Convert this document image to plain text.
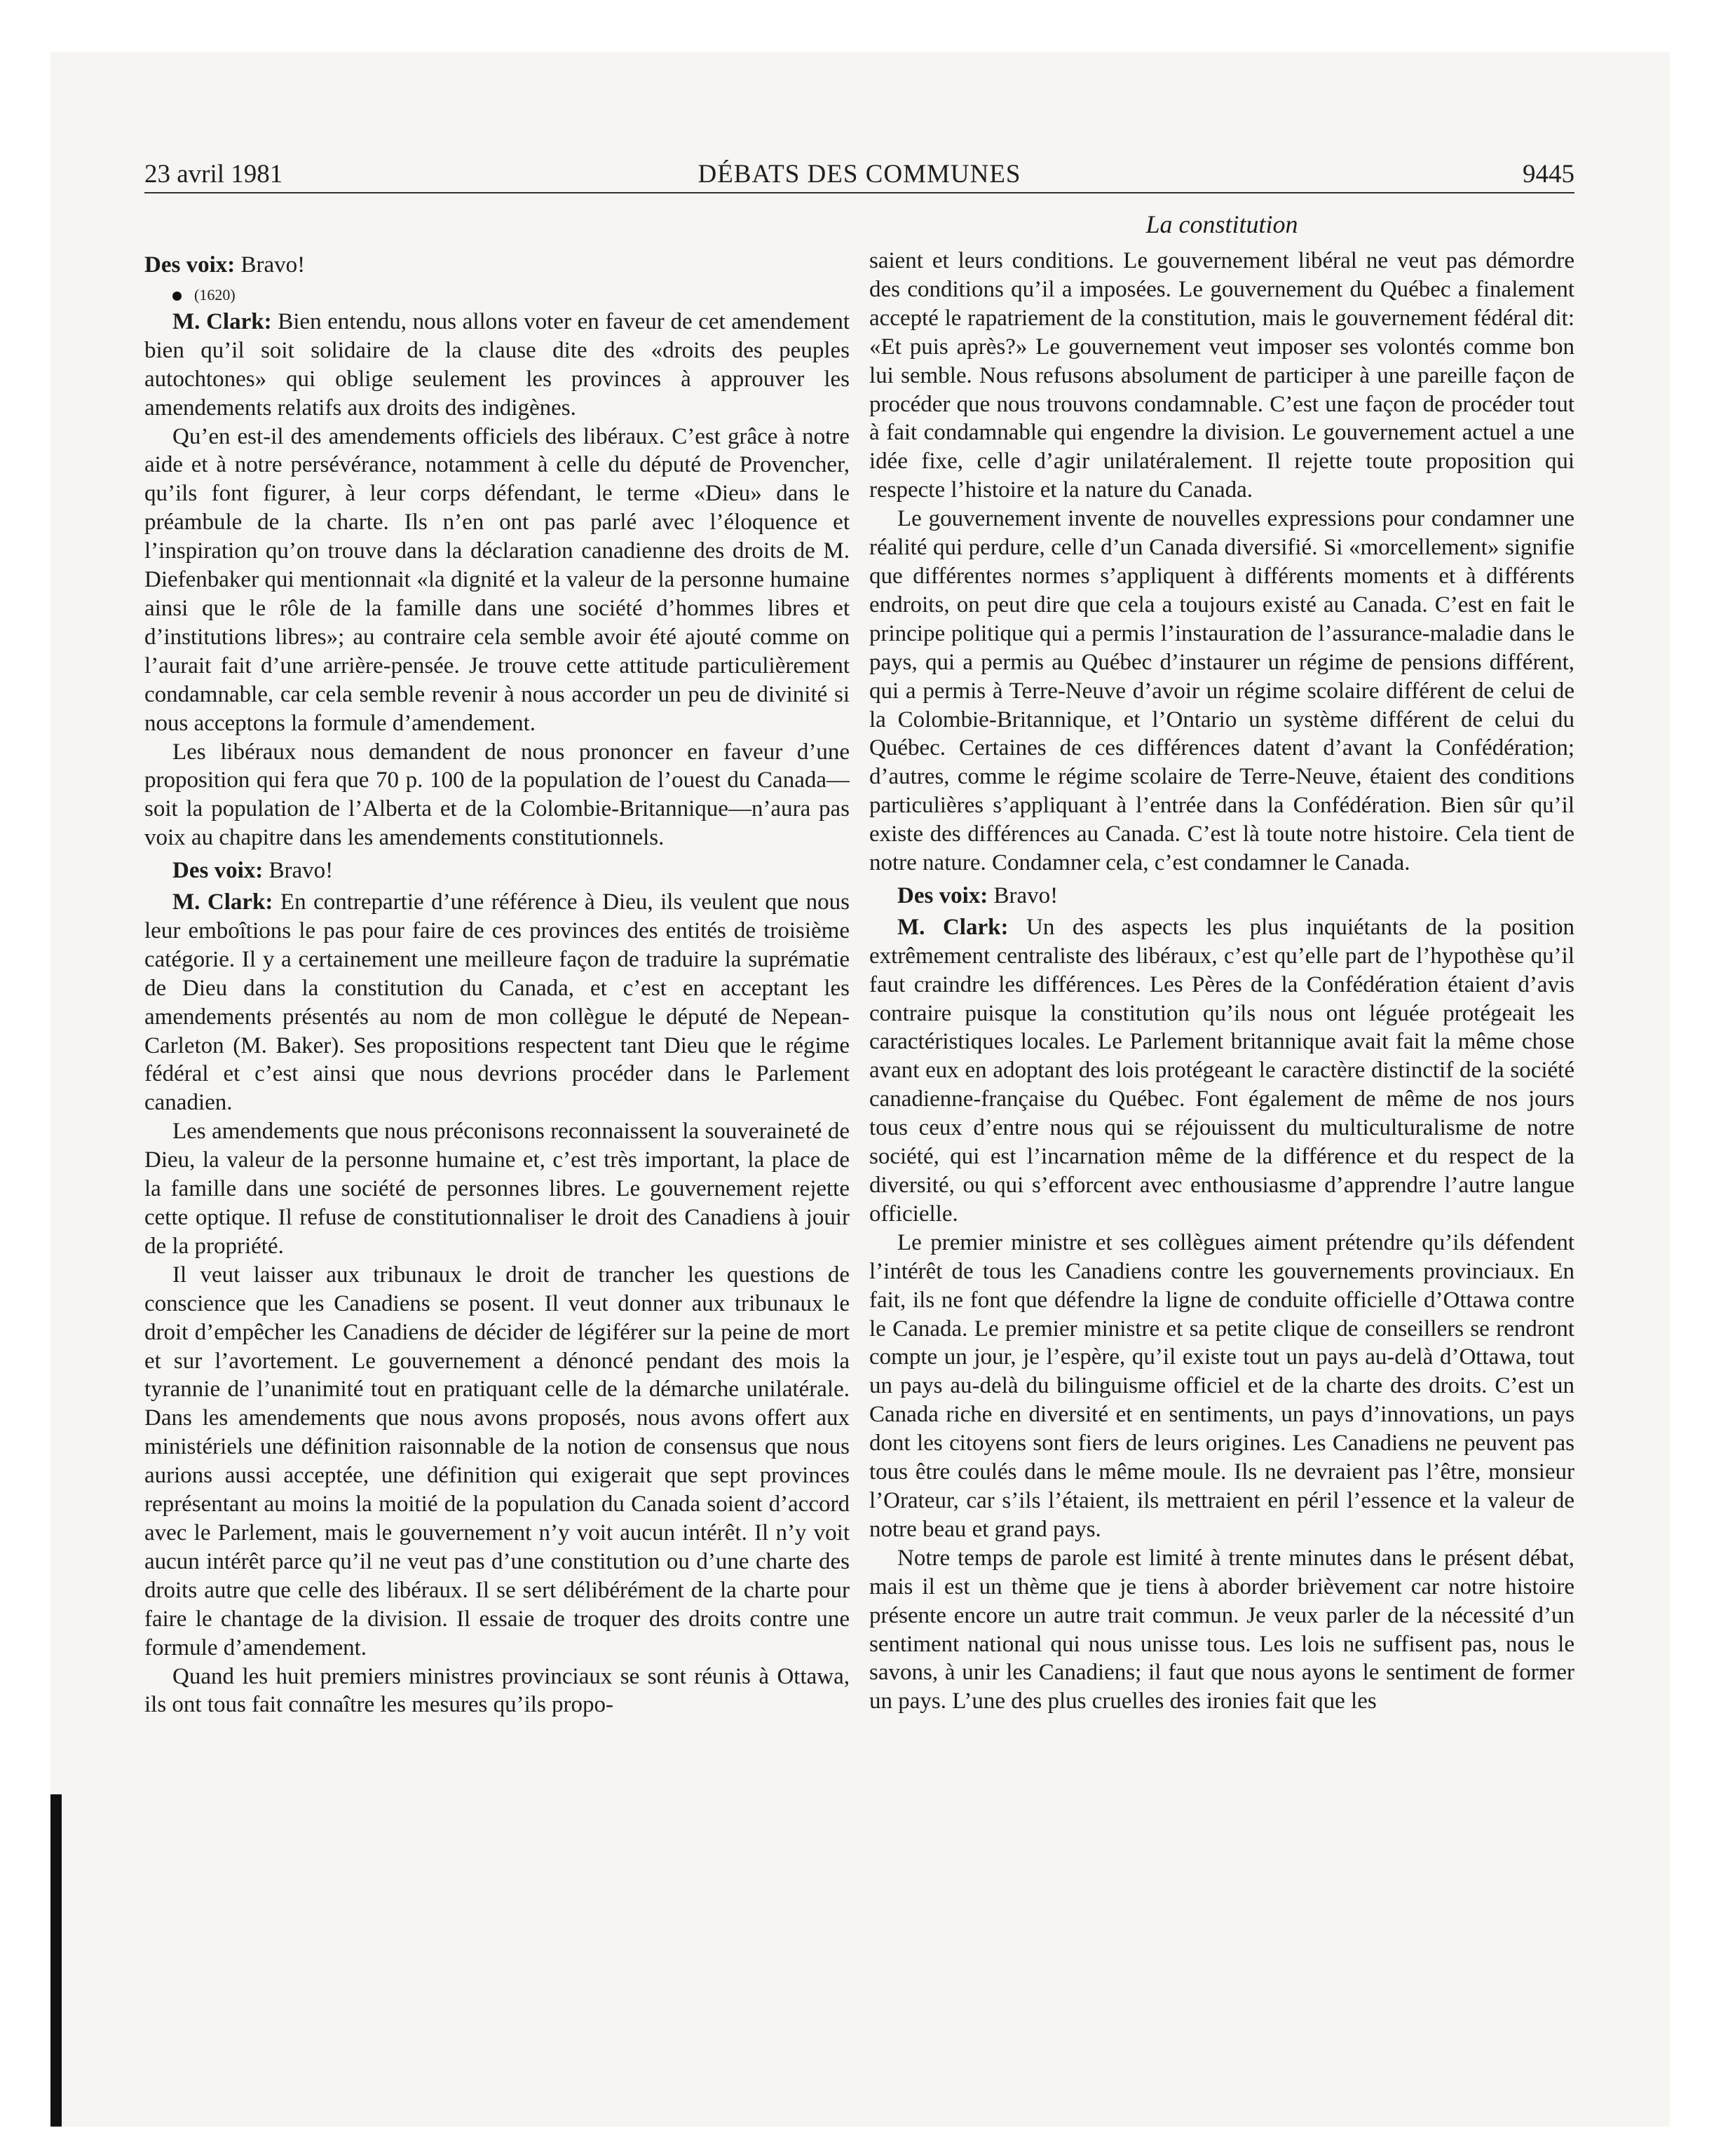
23 avril 1981	DÉBATS DES COMMUNES	9445
La constitution

Des voix: Bravo!

(1620)

M. Clark: Bien entendu, nous allons voter en faveur de cet amendement bien qu’il soit solidaire de la clause dite des «droits des peuples autochtones» qui oblige seulement les provinces à approuver les amendements relatifs aux droits des indigènes.

Qu’en est-il des amendements officiels des libéraux. C’est grâce à notre aide et à notre persévérance, notamment à celle du député de Provencher, qu’ils font figurer, à leur corps défendant, le terme «Dieu» dans le préambule de la charte. Ils n’en ont pas parlé avec l’éloquence et l’inspiration qu’on trouve dans la déclaration canadienne des droits de M. Diefenbaker qui mentionnait «la dignité et la valeur de la personne humaine ainsi que le rôle de la famille dans une société d’hommes libres et d’institutions libres»; au contraire cela semble avoir été ajouté comme on l’aurait fait d’une arrière-pensée. Je trouve cette attitude particulièrement condamnable, car cela semble revenir à nous accorder un peu de divinité si nous acceptons la formule d’amendement.

Les libéraux nous demandent de nous prononcer en faveur d’une proposition qui fera que 70 p. 100 de la population de l’ouest du Canada—soit la population de l’Alberta et de la Colombie-Britannique—n’aura pas voix au chapitre dans les amendements constitutionnels.

Des voix: Bravo!

M. Clark: En contrepartie d’une référence à Dieu, ils veulent que nous leur emboîtions le pas pour faire de ces provinces des entités de troisième catégorie. Il y a certainement une meilleure façon de traduire la suprématie de Dieu dans la constitution du Canada, et c’est en acceptant les amendements présentés au nom de mon collègue le député de Nepean-Carleton (M. Baker). Ses propositions respectent tant Dieu que le régime fédéral et c’est ainsi que nous devrions procéder dans le Parlement canadien.

Les amendements que nous préconisons reconnaissent la souveraineté de Dieu, la valeur de la personne humaine et, c’est très important, la place de la famille dans une société de personnes libres. Le gouvernement rejette cette optique. Il refuse de constitutionnaliser le droit des Canadiens à jouir de la propriété.

Il veut laisser aux tribunaux le droit de trancher les questions de conscience que les Canadiens se posent. Il veut donner aux tribunaux le droit d’empêcher les Canadiens de décider de légiférer sur la peine de mort et sur l’avortement. Le gouvernement a dénoncé pendant des mois la tyrannie de l’unanimité tout en pratiquant celle de la démarche unilatérale. Dans les amendements que nous avons proposés, nous avons offert aux ministériels une définition raisonnable de la notion de consensus que nous aurions aussi acceptée, une définition qui exigerait que sept provinces représentant au moins la moitié de la population du Canada soient d’accord avec le Parlement, mais le gouvernement n’y voit aucun intérêt. Il n’y voit aucun intérêt parce qu’il ne veut pas d’une constitution ou d’une charte des droits autre que celle des libéraux. Il se sert délibérément de la charte pour faire le chantage de la division. Il essaie de troquer des droits contre une formule d’amendement.

Quand les huit premiers ministres provinciaux se sont réunis à Ottawa, ils ont tous fait connaître les mesures qu’ils propo-

saient et leurs conditions. Le gouvernement libéral ne veut pas démordre des conditions qu’il a imposées. Le gouvernement du Québec a finalement accepté le rapatriement de la constitution, mais le gouvernement fédéral dit: «Et puis après?» Le gouvernement veut imposer ses volontés comme bon lui semble. Nous refusons absolument de participer à une pareille façon de procéder que nous trouvons condamnable. C’est une façon de procéder tout à fait condamnable qui engendre la division. Le gouvernement actuel a une idée fixe, celle d’agir unilatéralement. Il rejette toute proposition qui respecte l’histoire et la nature du Canada.

Le gouvernement invente de nouvelles expressions pour condamner une réalité qui perdure, celle d’un Canada diversifié. Si «morcellement» signifie que différentes normes s’appliquent à différents moments et à différents endroits, on peut dire que cela a toujours existé au Canada. C’est en fait le principe politique qui a permis l’instauration de l’assurance-maladie dans le pays, qui a permis au Québec d’instaurer un régime de pensions différent, qui a permis à Terre-Neuve d’avoir un régime scolaire différent de celui de la Colombie-Britannique, et l’Ontario un système différent de celui du Québec. Certaines de ces différences datent d’avant la Confédération; d’autres, comme le régime scolaire de Terre-Neuve, étaient des conditions particulières s’appliquant à l’entrée dans la Confédération. Bien sûr qu’il existe des différences au Canada. C’est là toute notre histoire. Cela tient de notre nature. Condamner cela, c’est condamner le Canada.

Des voix: Bravo!

M. Clark: Un des aspects les plus inquiétants de la position extrêmement centraliste des libéraux, c’est qu’elle part de l’hypothèse qu’il faut craindre les différences. Les Pères de la Confédération étaient d’avis contraire puisque la constitution qu’ils nous ont léguée protégeait les caractéristiques locales. Le Parlement britannique avait fait la même chose avant eux en adoptant des lois protégeant le caractère distinctif de la société canadienne-française du Québec. Font également de même de nos jours tous ceux d’entre nous qui se réjouissent du multiculturalisme de notre société, qui est l’incarnation même de la différence et du respect de la diversité, ou qui s’efforcent avec enthousiasme d’apprendre l’autre langue officielle.

Le premier ministre et ses collègues aiment prétendre qu’ils défendent l’intérêt de tous les Canadiens contre les gouvernements provinciaux. En fait, ils ne font que défendre la ligne de conduite officielle d’Ottawa contre le Canada. Le premier ministre et sa petite clique de conseillers se rendront compte un jour, je l’espère, qu’il existe tout un pays au-delà d’Ottawa, tout un pays au-delà du bilinguisme officiel et de la charte des droits. C’est un Canada riche en diversité et en sentiments, un pays d’innovations, un pays dont les citoyens sont fiers de leurs origines. Les Canadiens ne peuvent pas tous être coulés dans le même moule. Ils ne devraient pas l’être, monsieur l’Orateur, car s’ils l’étaient, ils mettraient en péril l’essence et la valeur de notre beau et grand pays.

Notre temps de parole est limité à trente minutes dans le présent débat, mais il est un thème que je tiens à aborder brièvement car notre histoire présente encore un autre trait commun. Je veux parler de la nécessité d’un sentiment national qui nous unisse tous. Les lois ne suffisent pas, nous le savons, à unir les Canadiens; il faut que nous ayons le sentiment de former un pays. L’une des plus cruelles des ironies fait que les
